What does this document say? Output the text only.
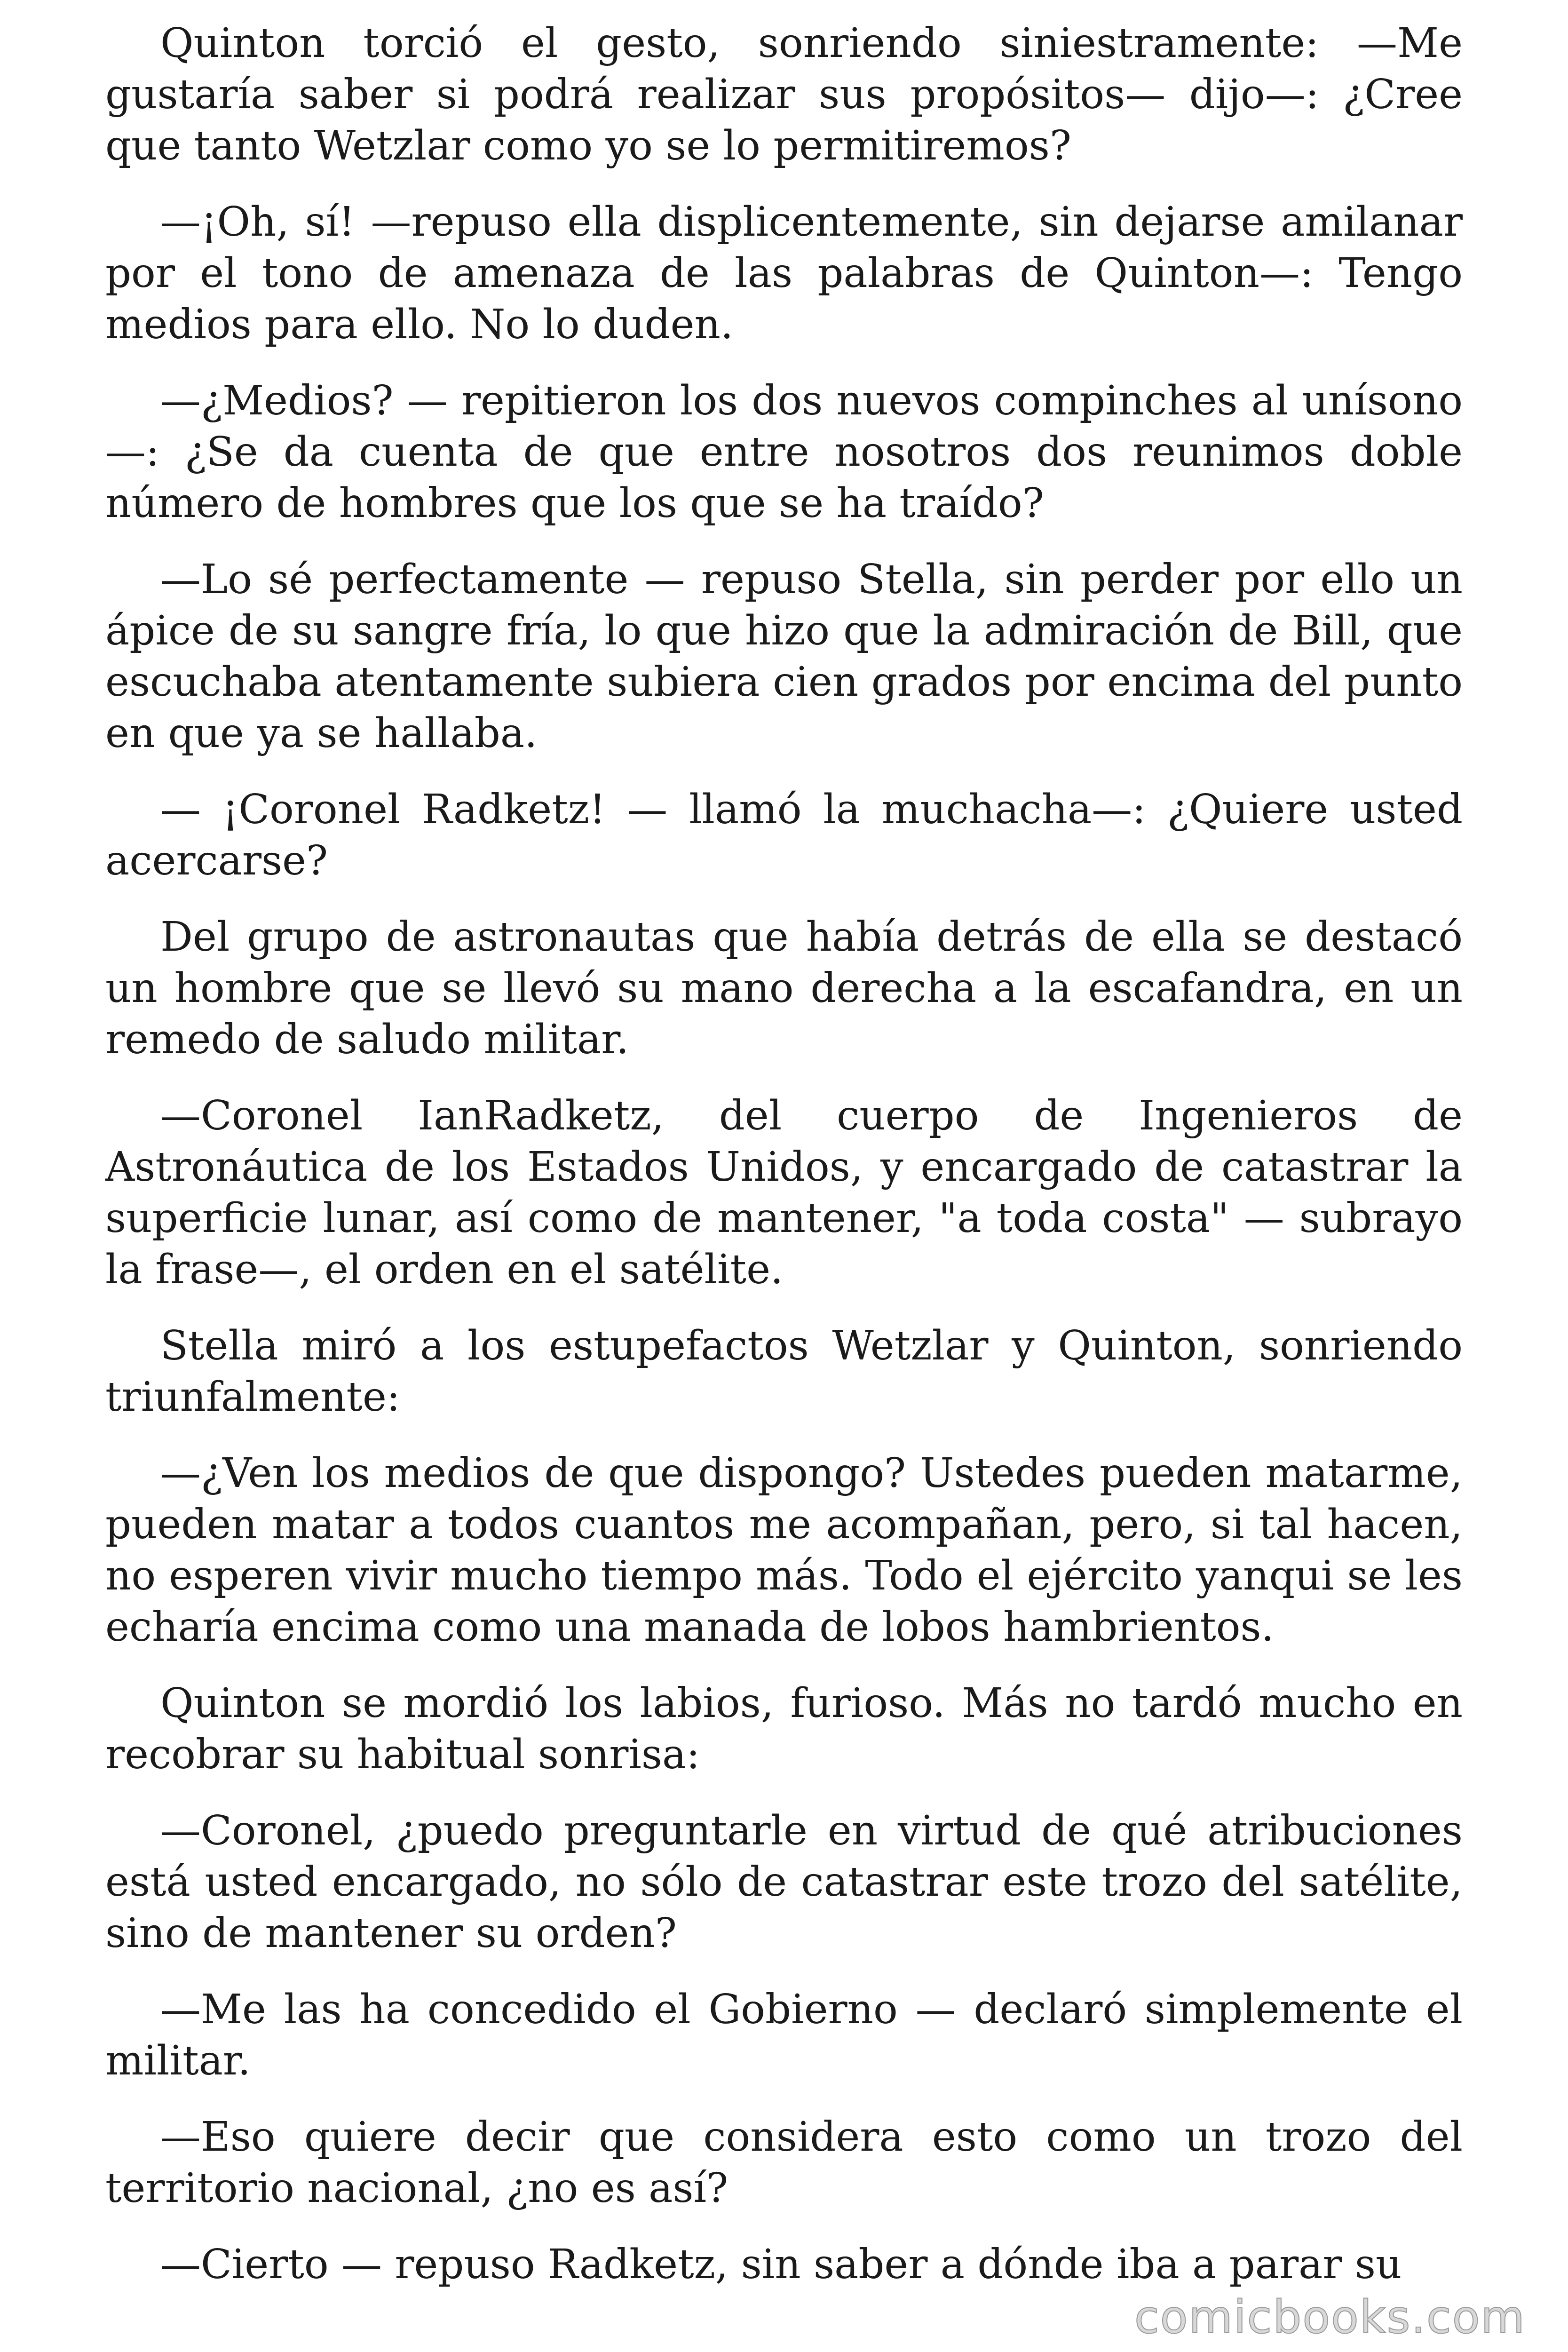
Quinton torció el gesto, sonriendo siniestramente: —Me gustaría saber si podrá realizar sus propósitos— dijo—: ¿Cree que tanto Wetzlar como yo se lo permitiremos?

—¡Oh, sí! —repuso ella displicentemente, sin dejarse amilanar por el tono de amenaza de las palabras de Quinton—: Tengo medios para ello. No lo duden.

—¿Medios? — repitieron los dos nuevos compinches al unísono—: ¿Se da cuenta de que entre nosotros dos reunimos doble número de hombres que los que se ha traído?

—Lo sé perfectamente — repuso Stella, sin perder por ello un ápice de su sangre fría, lo que hizo que la admiración de Bill, que escuchaba atentamente subiera cien grados por encima del punto en que ya se hallaba.

— ¡Coronel Radketz! — llamó la muchacha—: ¿Quiere usted acercarse?

Del grupo de astronautas que había detrás de ella se destacó un hombre que se llevó su mano derecha a la escafandra, en un remedo de saludo militar.

—Coronel IanRadketz, del cuerpo de Ingenieros de Astronáutica de los Estados Unidos, y encargado de catastrar la superficie lunar, así como de mantener, "a toda costa" — subrayo la frase—, el orden en el satélite.

Stella miró a los estupefactos Wetzlar y Quinton, sonriendo triunfalmente:

—¿Ven los medios de que dispongo? Ustedes pueden matarme, pueden matar a todos cuantos me acompañan, pero, si tal hacen, no esperen vivir mucho tiempo más. Todo el ejército yanqui se les echaría encima como una manada de lobos hambrientos.

Quinton se mordió los labios, furioso. Más no tardó mucho en recobrar su habitual sonrisa:

—Coronel, ¿puedo preguntarle en virtud de qué atribuciones está usted encargado, no sólo de catastrar este trozo del satélite, sino de mantener su orden?

—Me las ha concedido el Gobierno — declaró simplemente el militar.

—Eso quiere decir que considera esto como un trozo del territorio nacional, ¿no es así?

—Cierto — repuso Radketz, sin saber a dónde iba a parar su

comicbooks.com
